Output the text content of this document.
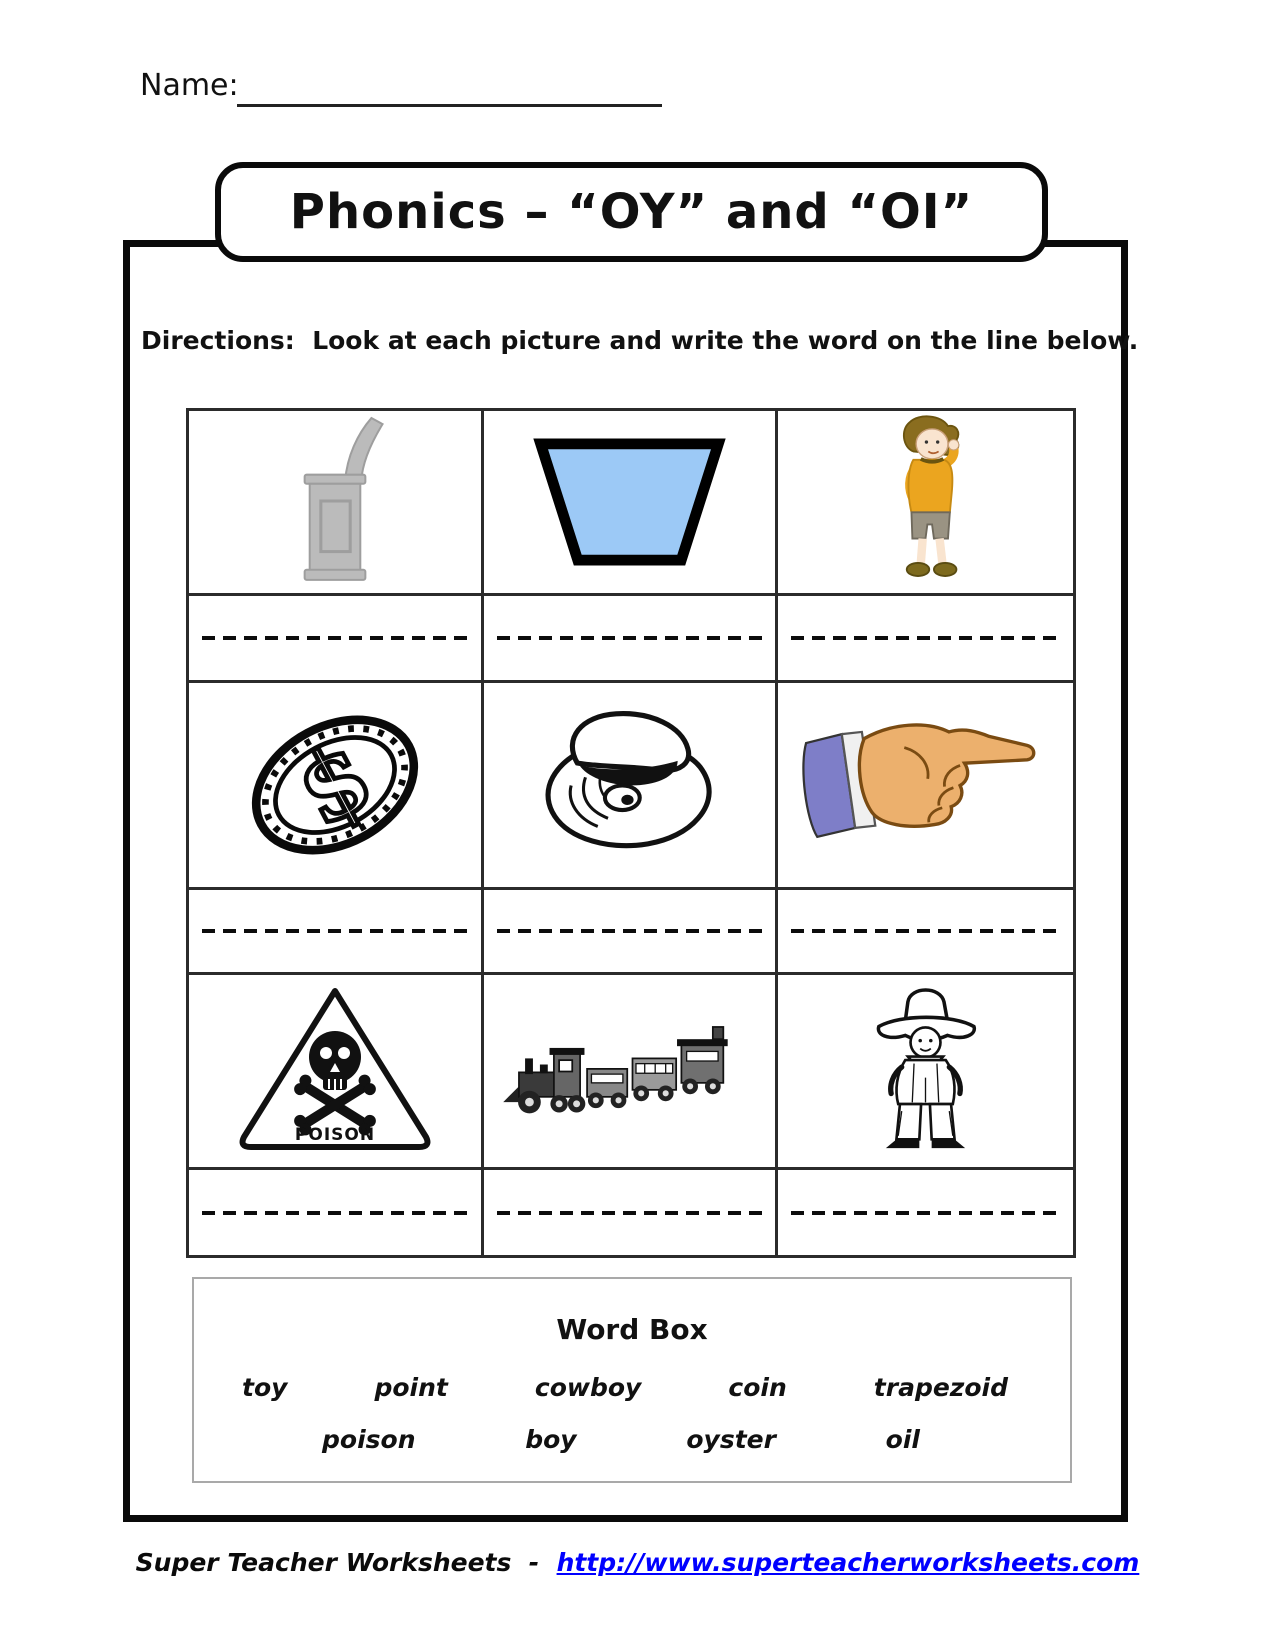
Name:
Phonics – “OY” and “OI”
Directions:  Look at each picture and write the word on the line below.
$
POISON
Word Box
toy	point	cowboy	coin	trapezoid
poison	boy	oyster	oil
Super Teacher Worksheets  -  http://www.superteacherworksheets.com
